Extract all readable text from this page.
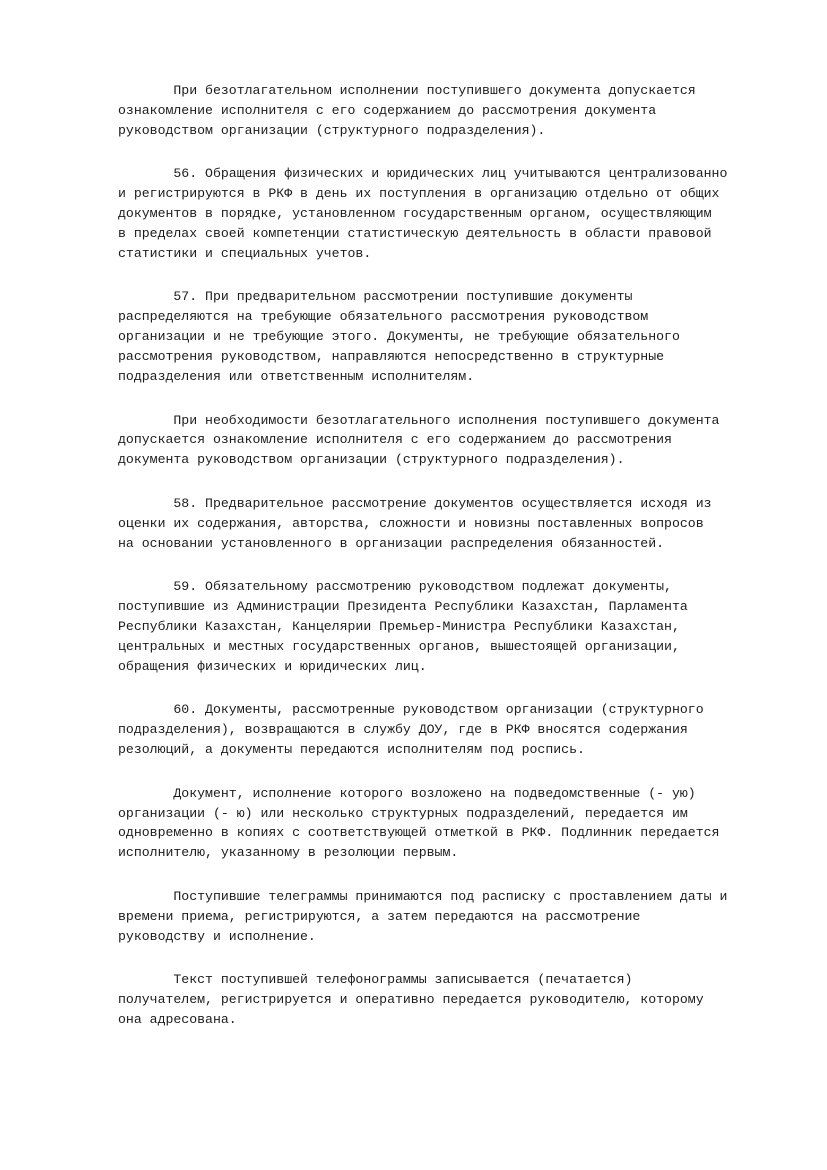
При безотлагательном исполнении поступившего документа допускается
ознакомление исполнителя с его содержанием до рассмотрения документа
руководством организации (структурного подразделения).
56. Обращения физических и юридических лиц учитываются централизованно
и регистрируются в РКФ в день их поступления в организацию отдельно от общих
документов в порядке, установленном государственным органом, осуществляющим
в пределах своей компетенции статистическую деятельность в области правовой
статистики и специальных учетов.
57. При предварительном рассмотрении поступившие документы
распределяются на требующие обязательного рассмотрения руководством
организации и не требующие этого. Документы, не требующие обязательного
рассмотрения руководством, направляются непосредственно в структурные
подразделения или ответственным исполнителям.
При необходимости безотлагательного исполнения поступившего документа
допускается ознакомление исполнителя с его содержанием до рассмотрения
документа руководством организации (структурного подразделения).
58. Предварительное рассмотрение документов осуществляется исходя из
оценки их содержания, авторства, сложности и новизны поставленных вопросов
на основании установленного в организации распределения обязанностей.
59. Обязательному рассмотрению руководством подлежат документы,
поступившие из Администрации Президента Республики Казахстан, Парламента
Республики Казахстан, Канцелярии Премьер-Министра Республики Казахстан,
центральных и местных государственных органов, вышестоящей организации,
обращения физических и юридических лиц.
60. Документы, рассмотренные руководством организации (структурного
подразделения), возвращаются в службу ДОУ, где в РКФ вносятся содержания
резолюций, а документы передаются исполнителям под роспись.
Документ, исполнение которого возложено на подведомственные (- ую)
организации (- ю) или несколько структурных подразделений, передается им
одновременно в копиях с соответствующей отметкой в РКФ. Подлинник передается
исполнителю, указанному в резолюции первым.
Поступившие телеграммы принимаются под расписку с проставлением даты и
времени приема, регистрируются, а затем передаются на рассмотрение
руководству и исполнение.
Текст поступившей телефонограммы записывается (печатается)
получателем, регистрируется и оперативно передается руководителю, которому
она адресована.
